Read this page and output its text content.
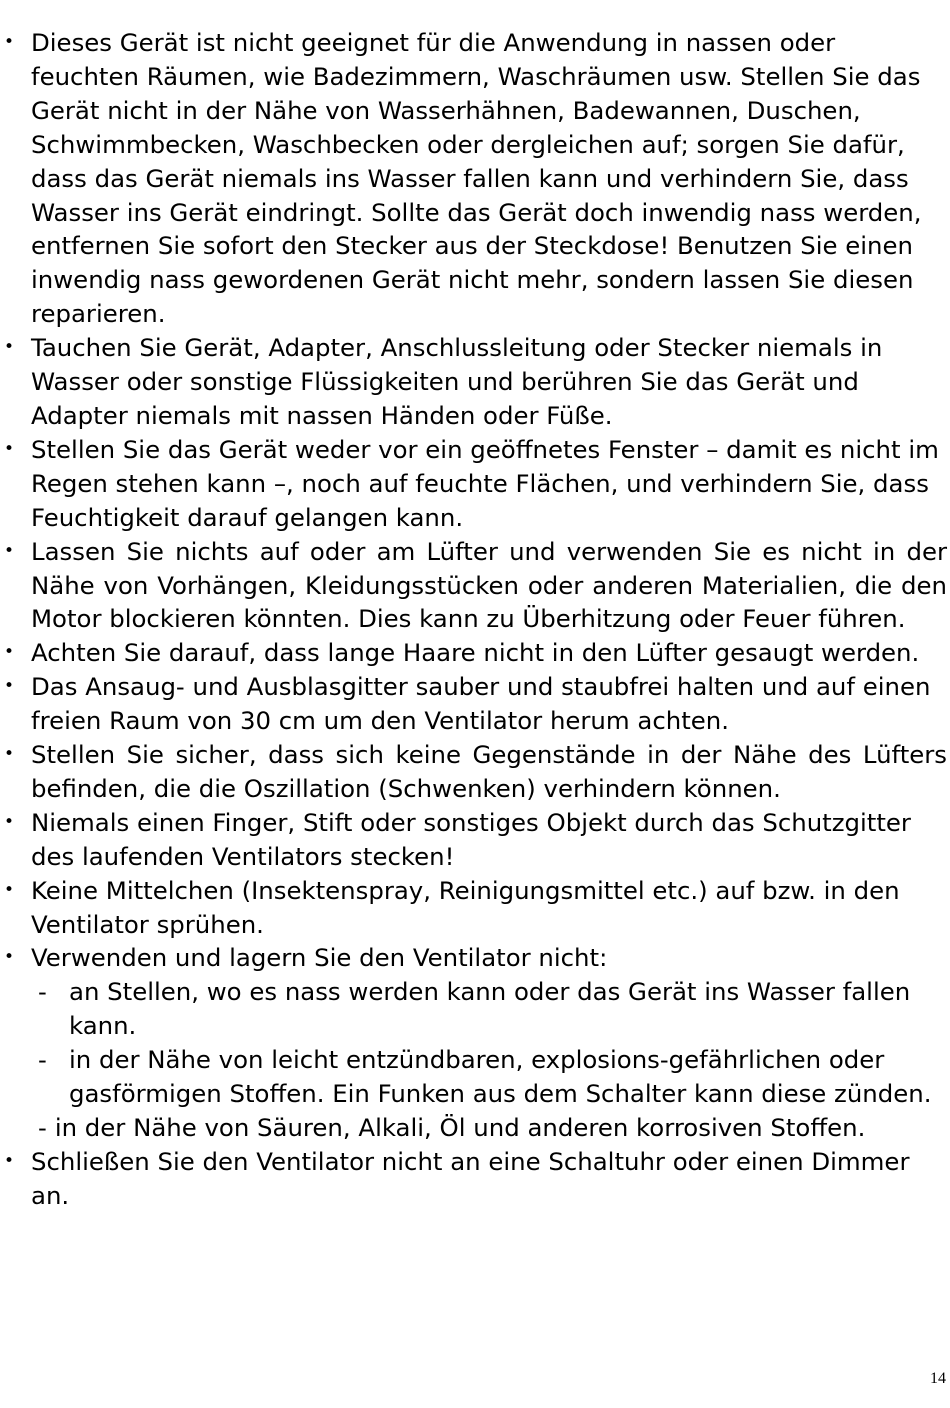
• Dieses Gerät ist nicht geeignet für die Anwendung in nassen oder feuchten Räumen, wie Badezimmern, Waschräumen usw. Stellen Sie das Gerät nicht in der Nähe von Wasserhähnen, Badewannen, Duschen, Schwimmbecken, Waschbecken oder dergleichen auf; sorgen Sie dafür, dass das Gerät niemals ins Wasser fallen kann und verhindern Sie, dass Wasser ins Gerät eindringt. Sollte das Gerät doch inwendig nass werden, entfernen Sie sofort den Stecker aus der Steckdose! Benutzen Sie einen inwendig nass gewordenen Gerät nicht mehr, sondern lassen Sie diesen reparieren.
• Tauchen Sie Gerät, Adapter, Anschlussleitung oder Stecker niemals in Wasser oder sonstige Flüssigkeiten und berühren Sie das Gerät und Adapter niemals mit nassen Händen oder Füße.
• Stellen Sie das Gerät weder vor ein geöffnetes Fenster – damit es nicht im Regen stehen kann –, noch auf feuchte Flächen, und verhindern Sie, dass Feuchtigkeit darauf gelangen kann.
• Lassen Sie nichts auf oder am Lüfter und verwenden Sie es nicht in der Nähe von Vorhängen, Kleidungsstücken oder anderen Materialien, die den Motor blockieren könnten. Dies kann zu Überhitzung oder Feuer führen.
• Achten Sie darauf, dass lange Haare nicht in den Lüfter gesaugt werden.
• Das Ansaug- und Ausblasgitter sauber und staubfrei halten und auf einen freien Raum von 30 cm um den Ventilator herum achten.
• Stellen Sie sicher, dass sich keine Gegenstände in der Nähe des Lüfters befinden, die die Oszillation (Schwenken) verhindern können.
• Niemals einen Finger, Stift oder sonstiges Objekt durch das Schutzgitter des laufenden Ventilators stecken!
• Keine Mittelchen (Insektenspray, Reinigungsmittel etc.) auf bzw. in den Ventilator sprühen.
• Verwenden und lagern Sie den Ventilator nicht:
- an Stellen, wo es nass werden kann oder das Gerät ins Wasser fallen kann.
- in der Nähe von leicht entzündbaren, explosions-gefährlichen oder gasförmigen Stoffen. Ein Funken aus dem Schalter kann diese zünden.
- in der Nähe von Säuren, Alkali, Öl und anderen korrosiven Stoffen.
• Schließen Sie den Ventilator nicht an eine Schaltuhr oder einen Dimmer an.
14
